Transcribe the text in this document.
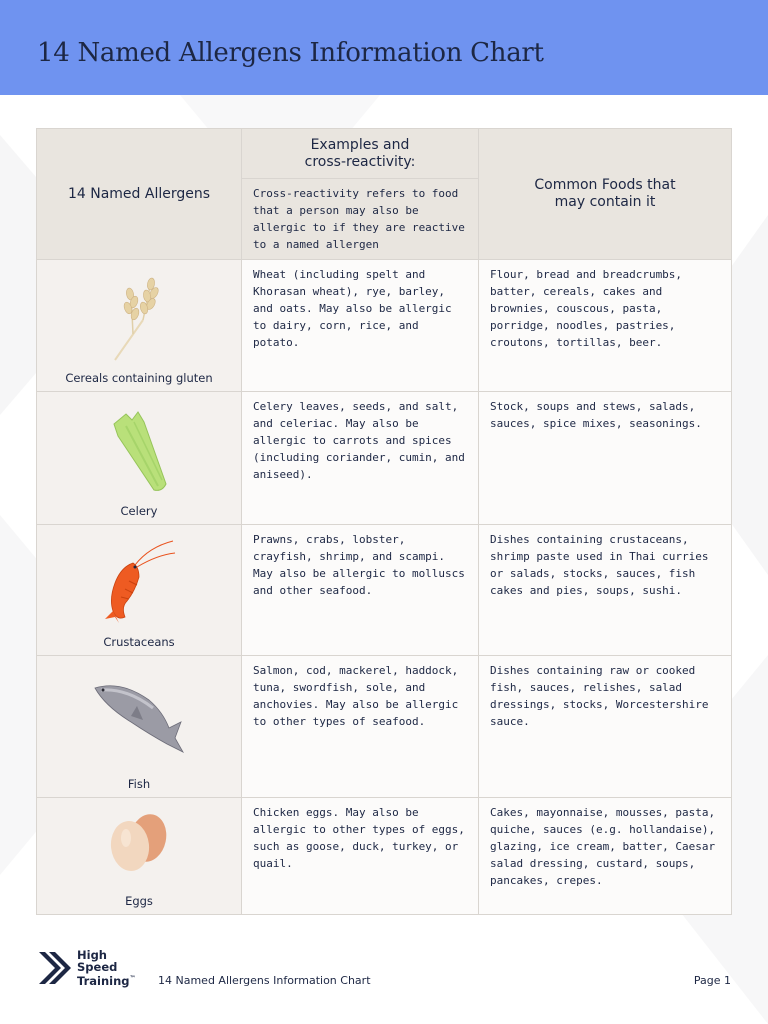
14 Named Allergens Information Chart
14 Named Allergens	Examples and cross-reactivity:	Common Foods that may contain it

	Cross-reactivity refers to food that a person may also be allergic to if they are reactive to a named allergen	

Cereals containing gluten	Wheat (including spelt and Khorasan wheat), rye, barley, and oats. May also be allergic to dairy, corn, rice, and potato.	Flour, bread and breadcrumbs, batter, cereals, cakes and brownies, couscous, pasta, porridge, noodles, pastries, croutons, tortillas, beer.

Celery	Celery leaves, seeds, and salt, and celeriac. May also be allergic to carrots and spices (including coriander, cumin, and aniseed).	Stock, soups and stews, salads, sauces, spice mixes, seasonings.

Crustaceans	Prawns, crabs, lobster, crayfish, shrimp, and scampi. May also be allergic to molluscs and other seafood.	Dishes containing crustaceans, shrimp paste used in Thai curries or salads, stocks, sauces, fish cakes and pies, soups, sushi.

Fish	Salmon, cod, mackerel, haddock, tuna, swordfish, sole, and anchovies. May also be allergic to other types of seafood.	Dishes containing raw or cooked fish, sauces, relishes, salad dressings, stocks, Worcestershire sauce.

Eggs	Chicken eggs. May also be allergic to other types of eggs, such as goose, duck, turkey, or quail.	Cakes, mayonnaise, mousses, pasta, quiche, sauces (e.g. hollandaise), glazing, ice cream, batter, Caesar salad dressing, custard, soups, pancakes, crepes.
High
Speed
Training™ 14 Named Allergens Information Chart	Page 1
